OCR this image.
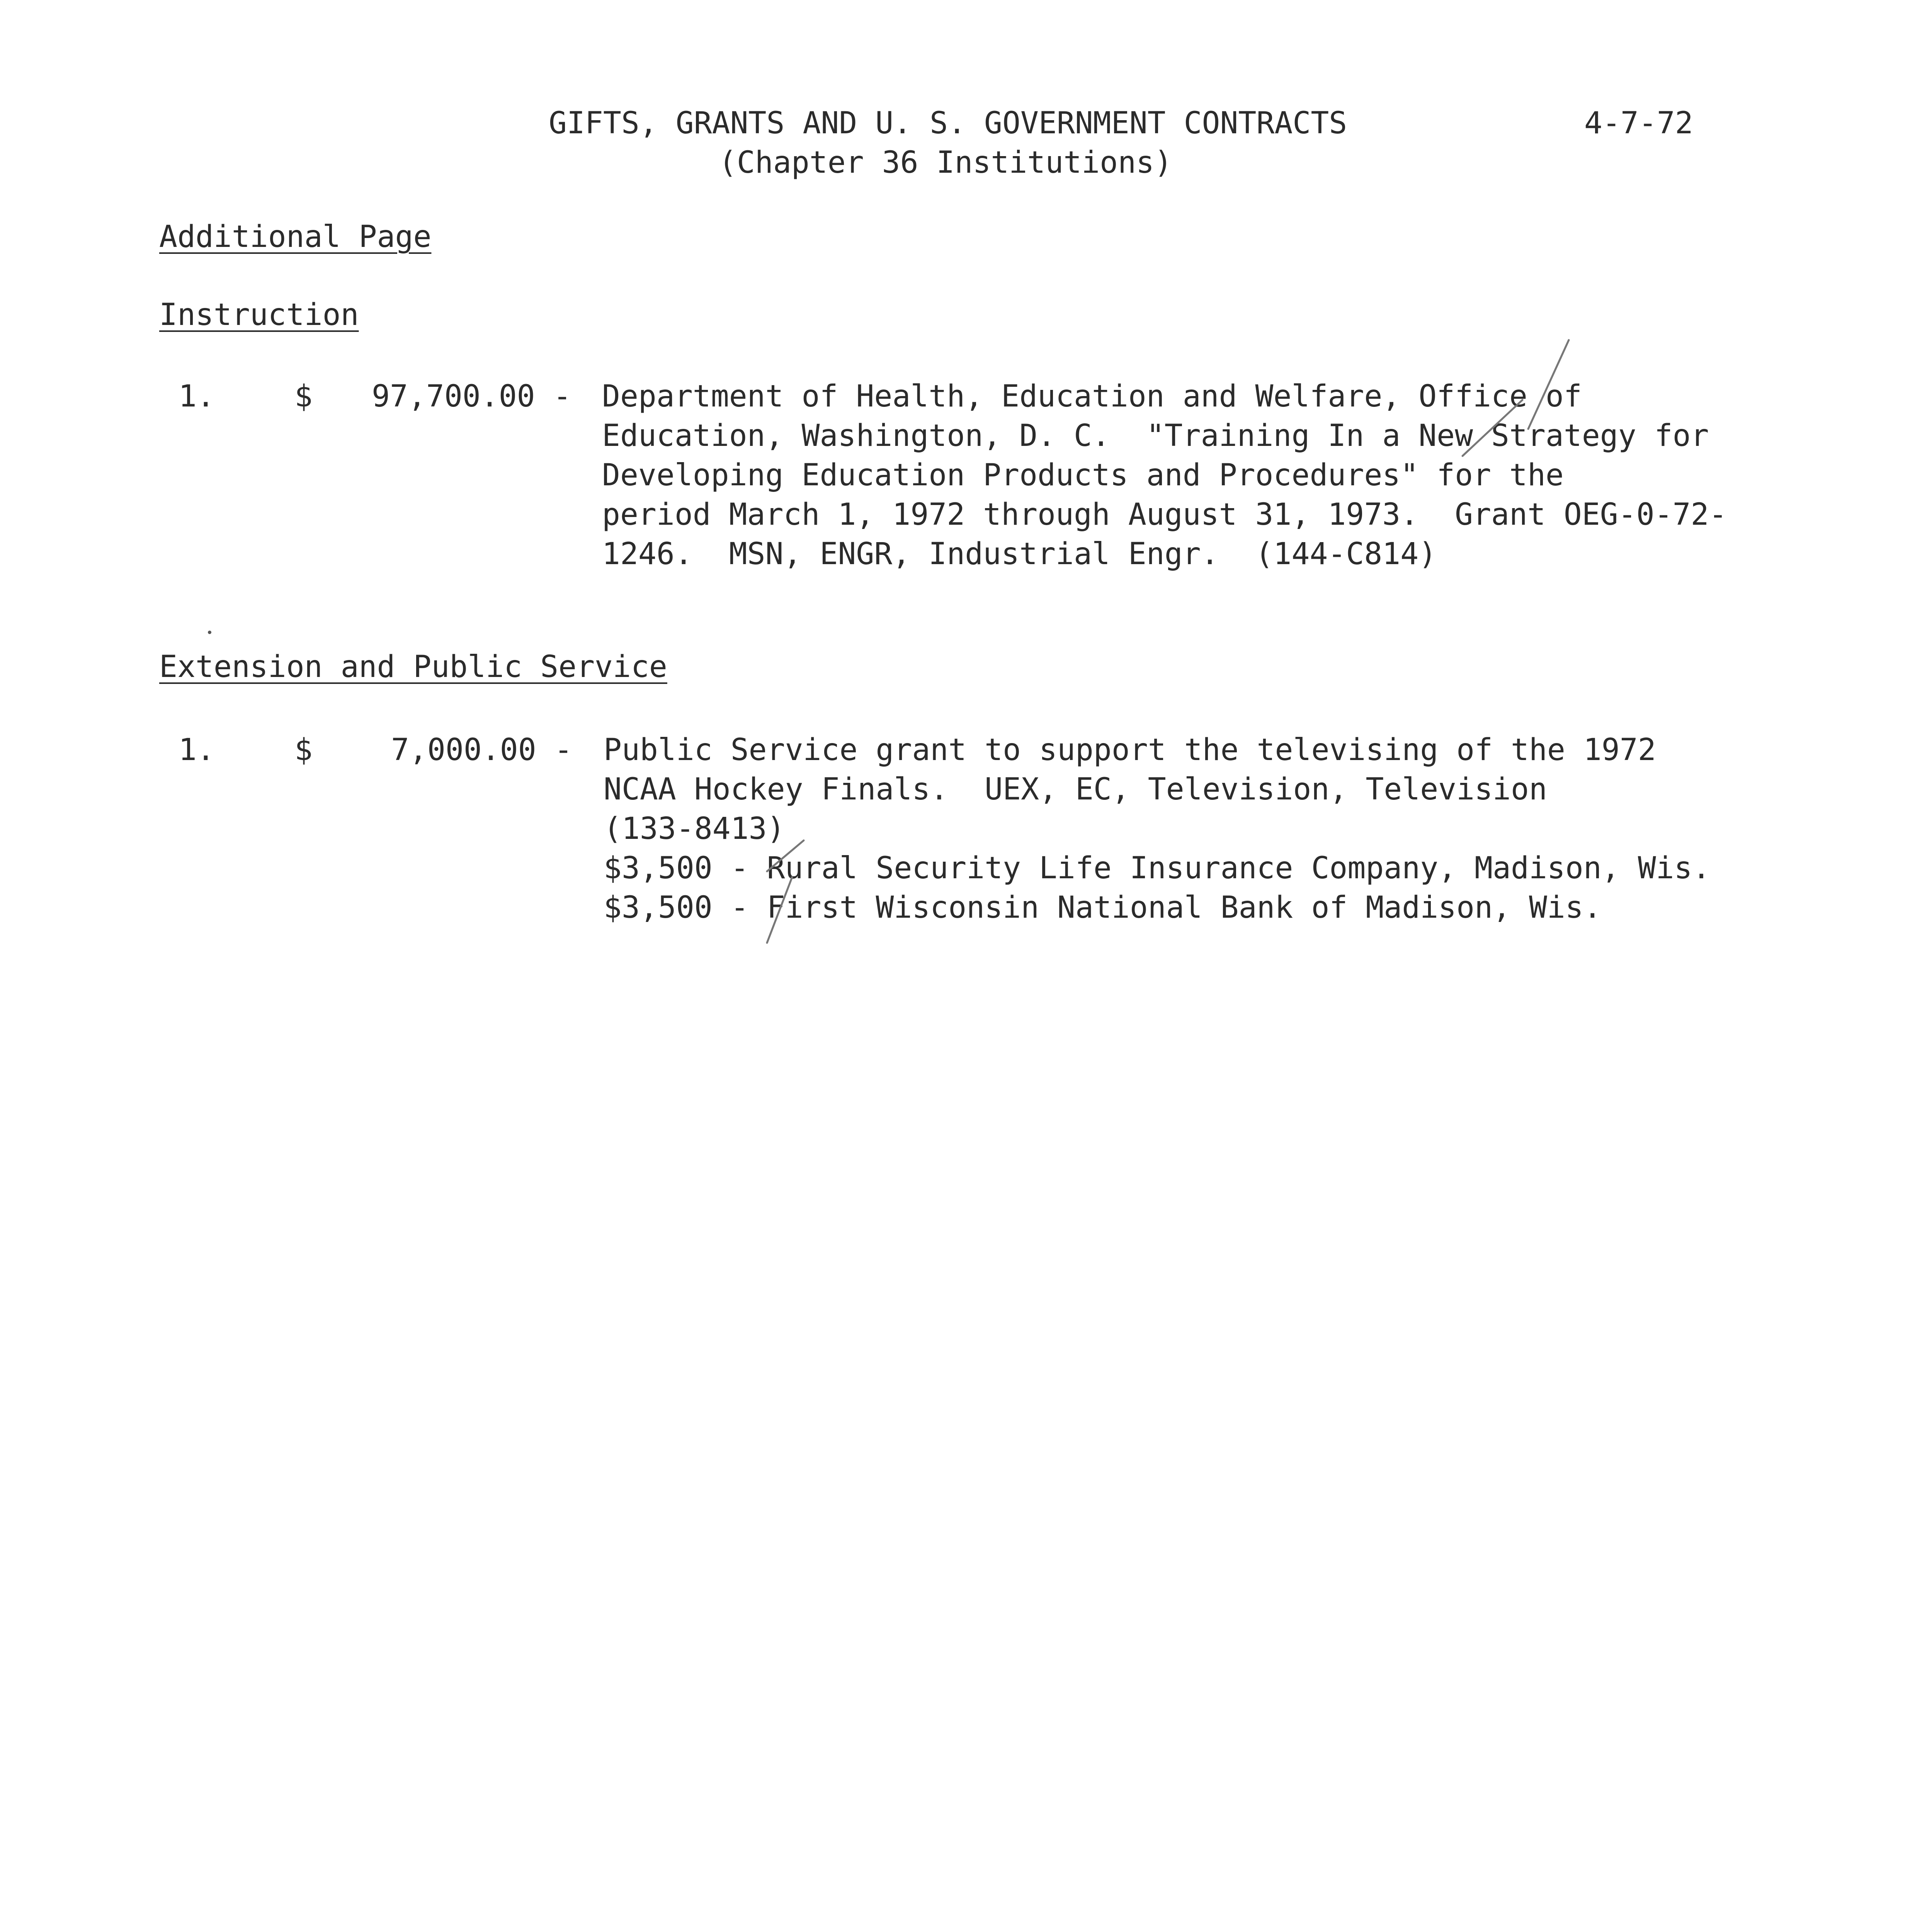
GIFTS, GRANTS AND U. S. GOVERNMENT CONTRACTS
(Chapter 36 Institutions)
4-7-72
Additional Page
Instruction
1.	$ 97,700.00 - Department of Health, Education and Welfare, Office of
Education, Washington, D. C.  "Training In a New Strategy for
Developing Education Products and Procedures" for the
period March 1, 1972 through August 31, 1973.  Grant OEG-0-72-
1246.  MSN, ENGR, Industrial Engr.  (144-C814)
Extension and Public Service
1.	$	7,000.00 - Public Service grant to support the televising of the 1972
NCAA Hockey Finals.  UEX, EC, Television, Television
(133-8413)
$3,500 - Rural Security Life Insurance Company, Madison, Wis.
$3,500 - First Wisconsin National Bank of Madison, Wis.
